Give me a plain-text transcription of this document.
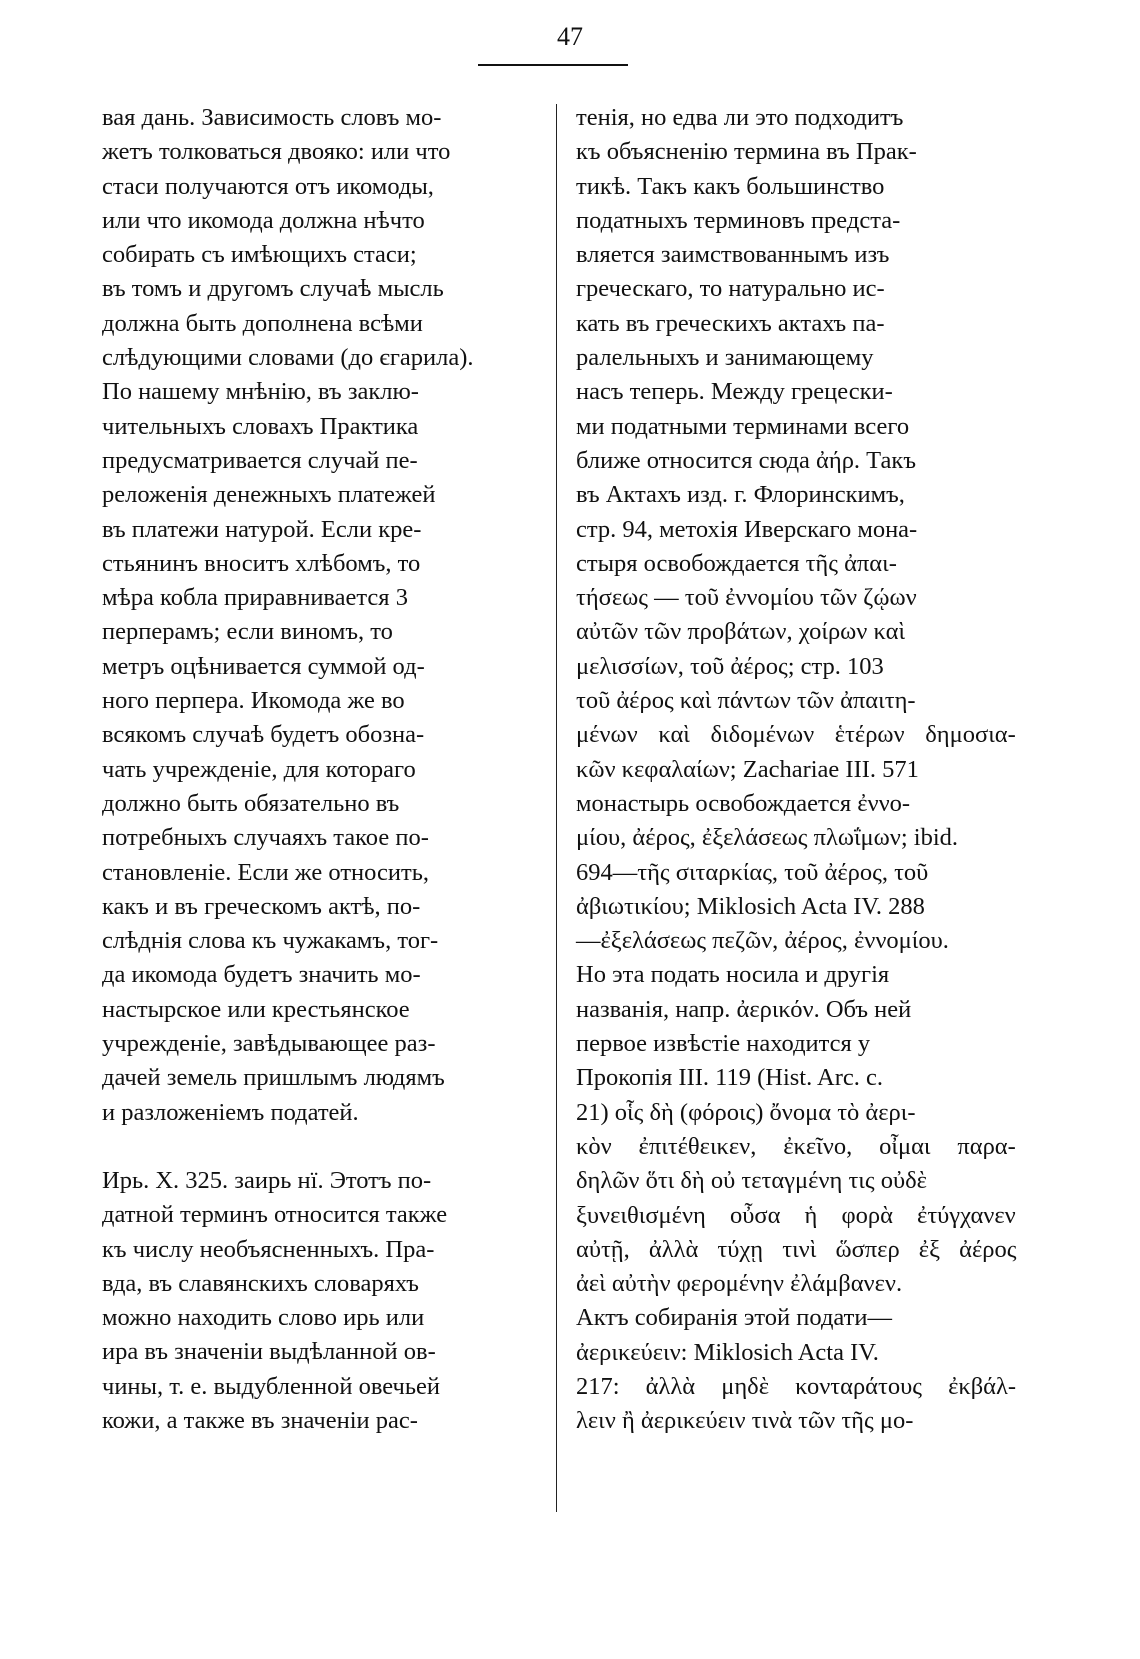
47
вая дань. Зависимость словъ мо-
жетъ толковаться двояко: или что
стаси получаются отъ икомоды,
или что икомода должна нѣчто
собирать съ имѣющихъ стаси;
въ томъ и другомъ случаѣ мысль
должна быть дополнена всѣми
слѣдующими словами (до єгарила).
По нашему мнѣнію, въ заклю-
чительныхъ словахъ Практика
предусматривается случай пе-
реложенія денежныхъ платежей
въ платежи натурой. Если кре-
стьянинъ вноситъ хлѣбомъ, то
мѣра кобла приравнивается 3
перперамъ; если виномъ, то
метръ оцѣнивается суммой од-
ного перпера. Икомода же во
всякомъ случаѣ будетъ обозна-
чать учрежденіе, для котораго
должно быть обязательно въ
потребныхъ случаяхъ такое по-
становленіе. Если же относить,
какъ и въ греческомъ актѣ, по-
слѣднія слова къ чужакамъ, тог-
да икомода будетъ значить мо-
настырское или крестьянское
учрежденіе, завѣдывающее раз-
дачей земель пришлымъ людямъ
и разложеніемъ податей.
Ирь. X. 325. заирь нї. Этотъ по-
датной терминъ относится также
къ числу необъясненныхъ. Пра-
вда, въ славянскихъ словаряхъ
можно находить слово ирь или
ира въ значеніи выдѣланной ов-
чины, т. е. выдубленной овечьей
кожи, а также въ значеніи рас-
тенія, но едва ли это подходитъ
къ объясненію термина въ Прак-
тикѣ. Такъ какъ большинство
податныхъ терминовъ предста-
вляется заимствованнымъ изъ
греческаго, то натурально ис-
кать въ греческихъ актахъ па-
ралельныхъ и занимающему
насъ теперь. Между грецески-
ми податными терминами всего
ближе относится сюда ἀήρ. Такъ
въ Актахъ изд. г. Флоринскимъ,
стр. 94, метохія Иверскаго мона-
стыря освобождается τῆς ἀπαι-
τήσεως — τοῦ ἐννομίου τῶν ζῴων
αὐτῶν τῶν προβάτων, χοίρων καὶ
μελισσίων, τοῦ ἀέρος; стр. 103
τοῦ ἀέρος καὶ πάντων τῶν ἀπαιτη-
μένων καὶ διδομένων ἑτέρων δημοσια-
κῶν κεφαλαίων; Zachariae III. 571
монастырь освобождается ἐννο-
μίου, ἀέρος, ἐξελάσεως πλωΐμων; ibid.
694—τῆς σιταρκίας, τοῦ ἀέρος, τοῦ
ἀβιωτικίου; Miklosich Acta IV. 288
—ἐξελάσεως πεζῶν, ἀέρος, ἐννομίου.
Но эта подать носила и другія
названія, напр. ἀερικόν. Объ ней
первое извѣстіе находится у
Прокопія III. 119 (Hist. Arc. c.
21) οἷς δὴ (φόροις) ὄνομα τὸ ἀερι-
κὸν ἐπιτέθεικεν, ἐκεῖνο, οἶμαι παρα-
δηλῶν ὅτι δὴ οὐ τεταγμένη τις οὐδὲ
ξυνειθισμένη οὖσα ἡ φορὰ ἐτύγχανεν
αὐτῇ, ἀλλὰ τύχῃ τινὶ ὥσπερ ἐξ ἀέρος
ἀεὶ αὐτὴν φερομένην ἐλάμβανεν.
Актъ собиранія этой подати—
ἀερικεύειν: Miklosich Acta IV.
217: ἀλλὰ μηδὲ κονταράτους ἐκβάλ-
λειν ἢ ἀερικεύειν τινὰ τῶν τῆς μο-
